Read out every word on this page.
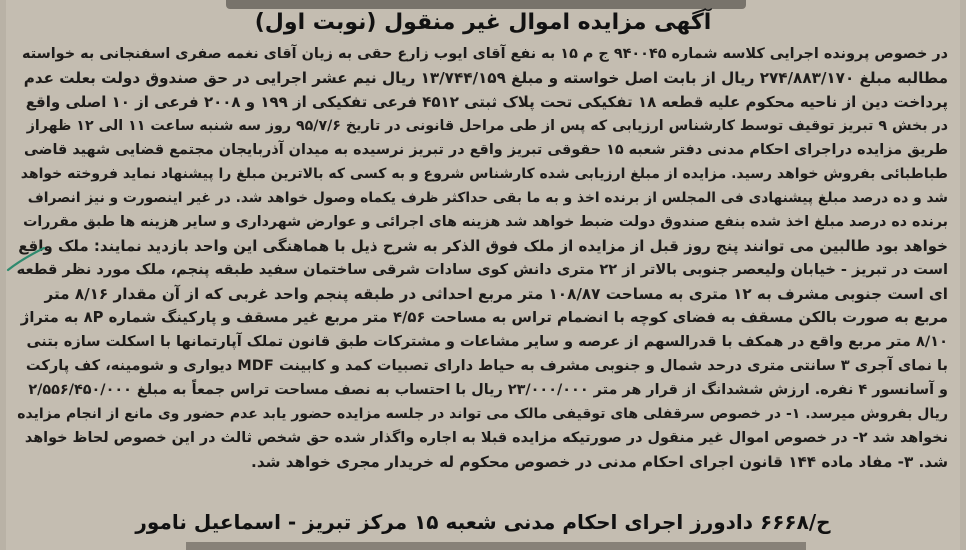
آگهی مزایده اموال غیر منقول (نوبت اول)
در خصوص پرونده اجرایی کلاسه شماره ۹۴۰۰۴۵ ج م ۱۵ به نفع آقای ایوب زارع حقی به زیان آقای نغمه صفری اسفنجانی به خواسته
مطالبه مبلغ ۲۷۴/۸۸۳/۱۷۰ ریال از بابت اصل خواسته و مبلغ ۱۳/۷۴۴/۱۵۹ ریال نیم عشر اجرایی در حق صندوق دولت بعلت عدم
پرداخت دین از ناحیه محکوم علیه قطعه ۱۸ تفکیکی تحت پلاک ثبتی ۴۵۱۲ فرعی تفکیکی از ۱۹۹ و ۲۰۰۸ فرعی از ۱۰ اصلی واقع
در بخش ۹ تبریز توقیف توسط کارشناس ارزیابی که پس از طی مراحل قانونی در تاریخ ۹۵/۷/۶ روز سه شنبه ساعت ۱۱ الی ۱۲ ظهراز
طریق مزایده دراجرای احکام مدنی دفتر شعبه ۱۵ حقوقی تبریز واقع در تبریز نرسیده به میدان آذربایجان مجتمع قضایی شهید قاضی
طباطبائی بفروش خواهد رسید. مزایده از مبلغ ارزیابی شده کارشناس شروع و به کسی که بالاترین مبلغ را پیشنهاد نماید فروخته خواهد
شد و ده درصد مبلغ پیشنهادی فی المجلس از برنده اخذ و به ما بقی حداکثر ظرف یکماه وصول خواهد شد. در غیر اینصورت و نیز انصراف
برنده ده درصد مبلغ اخذ شده بنفع صندوق دولت ضبط خواهد شد هزینه های اجرائی و عوارض شهرداری و سایر هزینه ها طبق مقررات
خواهد بود طالبین می توانند پنج روز قبل از مزایده از ملک فوق الذکر به شرح ذیل با هماهنگی این واحد بازدید نمایند: ملک واقع
است در تبریز - خیابان ولیعصر جنوبی بالاتر از ۲۲ متری دانش کوی سادات شرقی ساختمان سفید طبقه پنجم، ملک مورد نظر قطعه
ای است جنوبی مشرف به ۱۲ متری به مساحت ۱۰۸/۸۷ متر مربع احداثی در طبقه پنجم واحد غربی که از آن مقدار ۸/۱۶ متر
مربع به صورت بالکن مسقف به فضای کوچه با انضمام تراس به مساحت ۴/۵۶ متر مربع غیر مسقف و پارکینگ شماره ۸P به متراژ
۸/۱۰ متر مربع واقع در همکف با قدرالسهم از عرصه و سایر مشاعات و مشترکات طبق قانون تملک آپارتمانها با اسکلت سازه بتنی
با نمای آجری ۳ سانتی متری درحد شمال و جنوبی مشرف به حیاط دارای تصبیات کمد و کابینت MDF دیواری و شومینه، کف پارکت
و آسانسور ۴ نفره. ارزش ششدانگ از قرار هر متر ۲۳/۰۰۰/۰۰۰ ریال با احتساب به نصف مساحت تراس جمعاً به مبلغ ۲/۵۵۶/۴۵۰/۰۰۰
ریال بفروش میرسد. ۱- در خصوص سرقفلی های توقیفی مالک می تواند در جلسه مزایده حضور یابد عدم حضور وی مانع از انجام مزایده
نخواهد شد ۲- در خصوص اموال غیر منقول در صورتیکه مزایده قبلا به اجاره واگذار شده حق شخص ثالث در این خصوص لحاظ خواهد
شد. ۳- مفاد ماده ۱۴۴ قانون اجرای احکام مدنی در خصوص محکوم له خریدار مجری خواهد شد.
ح/۶۶۶۸ دادورز اجرای احکام مدنی شعبه ۱۵ مرکز تبریز - اسماعیل نامور
